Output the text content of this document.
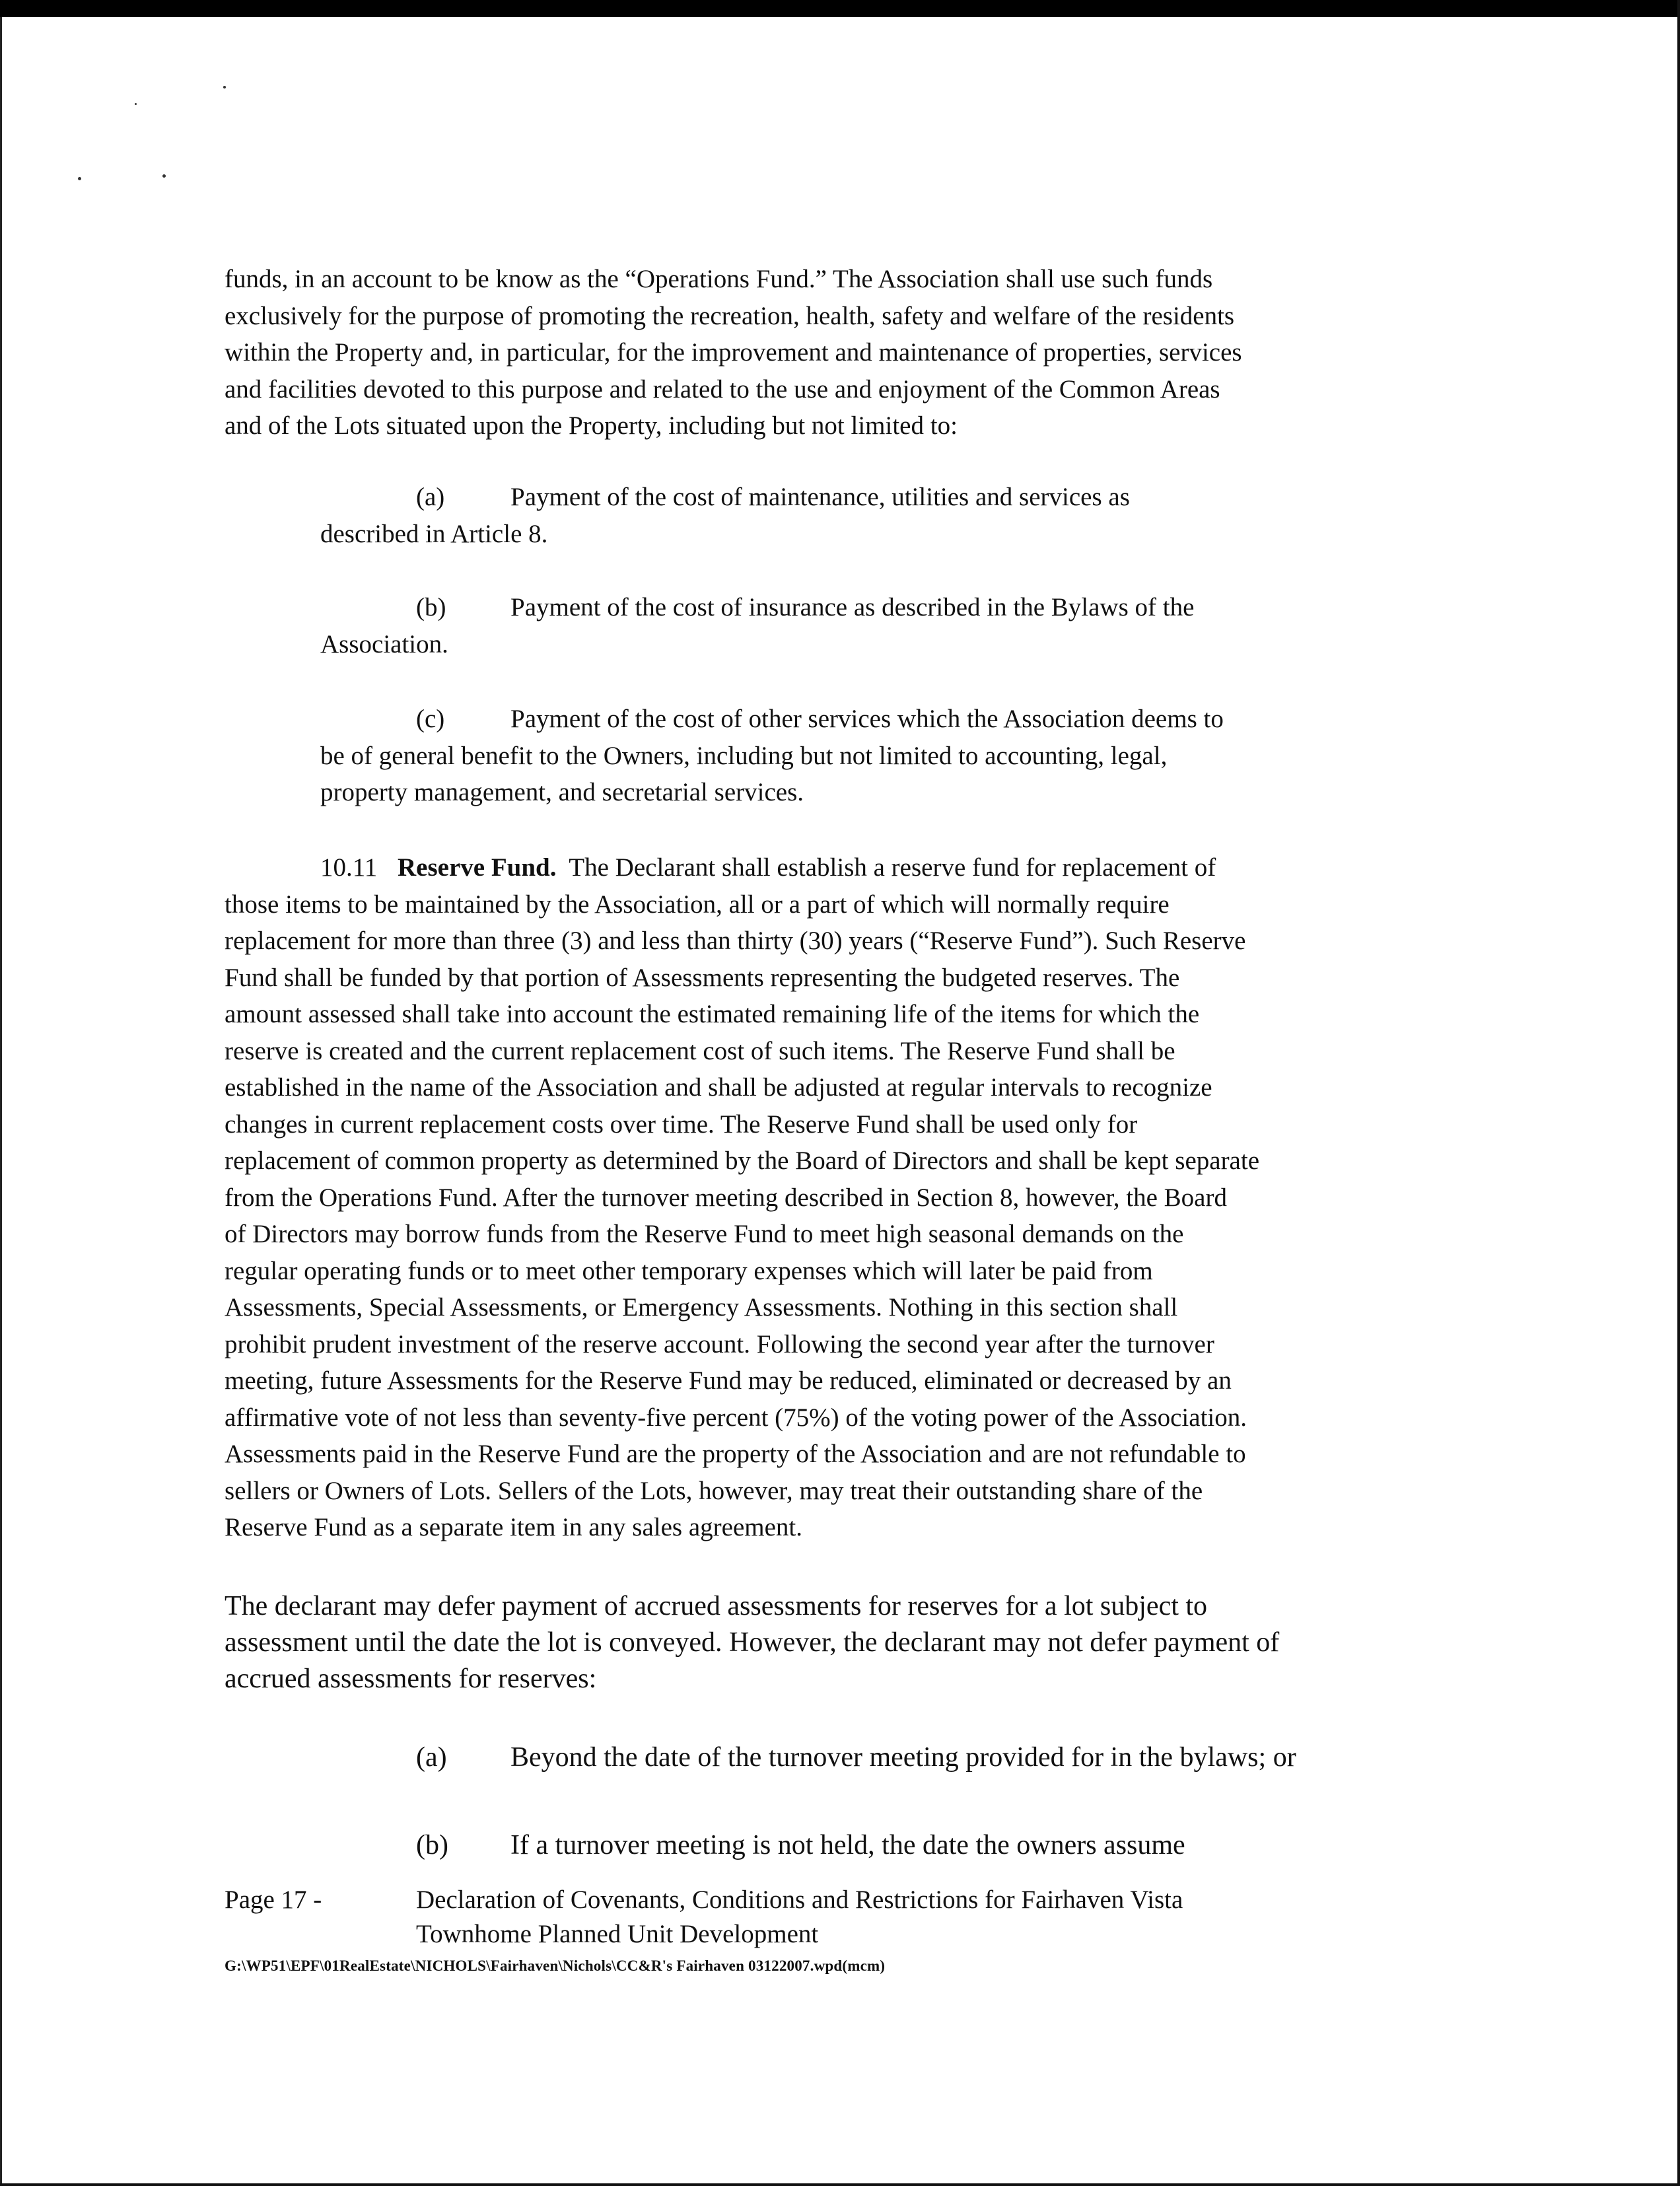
funds, in an account to be know as the “Operations Fund.” The Association shall use such funds
exclusively for the purpose of promoting the recreation, health, safety and welfare of the residents
within the Property and, in particular, for the improvement and maintenance of properties, services
and facilities devoted to this purpose and related to the use and enjoyment of the Common Areas
and of the Lots situated upon the Property, including but not limited to:
(a)	Payment of the cost of maintenance, utilities and services as
described in Article 8.
(b)	Payment of the cost of insurance as described in the Bylaws of the
Association.
(c)	Payment of the cost of other services which the Association deems to
be of general benefit to the Owners, including but not limited to accounting, legal,
property management, and secretarial services.
10.11 Reserve Fund. The Declarant shall establish a reserve fund for replacement of
those items to be maintained by the Association, all or a part of which will normally require
replacement for more than three (3) and less than thirty (30) years (“Reserve Fund”). Such Reserve
Fund shall be funded by that portion of Assessments representing the budgeted reserves. The
amount assessed shall take into account the estimated remaining life of the items for which the
reserve is created and the current replacement cost of such items. The Reserve Fund shall be
established in the name of the Association and shall be adjusted at regular intervals to recognize
changes in current replacement costs over time. The Reserve Fund shall be used only for
replacement of common property as determined by the Board of Directors and shall be kept separate
from the Operations Fund. After the turnover meeting described in Section 8, however, the Board
of Directors may borrow funds from the Reserve Fund to meet high seasonal demands on the
regular operating funds or to meet other temporary expenses which will later be paid from
Assessments, Special Assessments, or Emergency Assessments. Nothing in this section shall
prohibit prudent investment of the reserve account. Following the second year after the turnover
meeting, future Assessments for the Reserve Fund may be reduced, eliminated or decreased by an
affirmative vote of not less than seventy-five percent (75%) of the voting power of the Association.
Assessments paid in the Reserve Fund are the property of the Association and are not refundable to
sellers or Owners of Lots. Sellers of the Lots, however, may treat their outstanding share of the
Reserve Fund as a separate item in any sales agreement.
The declarant may defer payment of accrued assessments for reserves for a lot subject to
assessment until the date the lot is conveyed. However, the declarant may not defer payment of
accrued assessments for reserves:
(a) Beyond the date of the turnover meeting provided for in the bylaws; or
(b) If a turnover meeting is not held, the date the owners assume
Page 17 -	Declaration of Covenants, Conditions and Restrictions for Fairhaven Vista
Townhome Planned Unit Development
G:\WP51\EPF\01RealEstate\NICHOLS\Fairhaven\Nichols\CC&R's Fairhaven 03122007.wpd(mcm)
